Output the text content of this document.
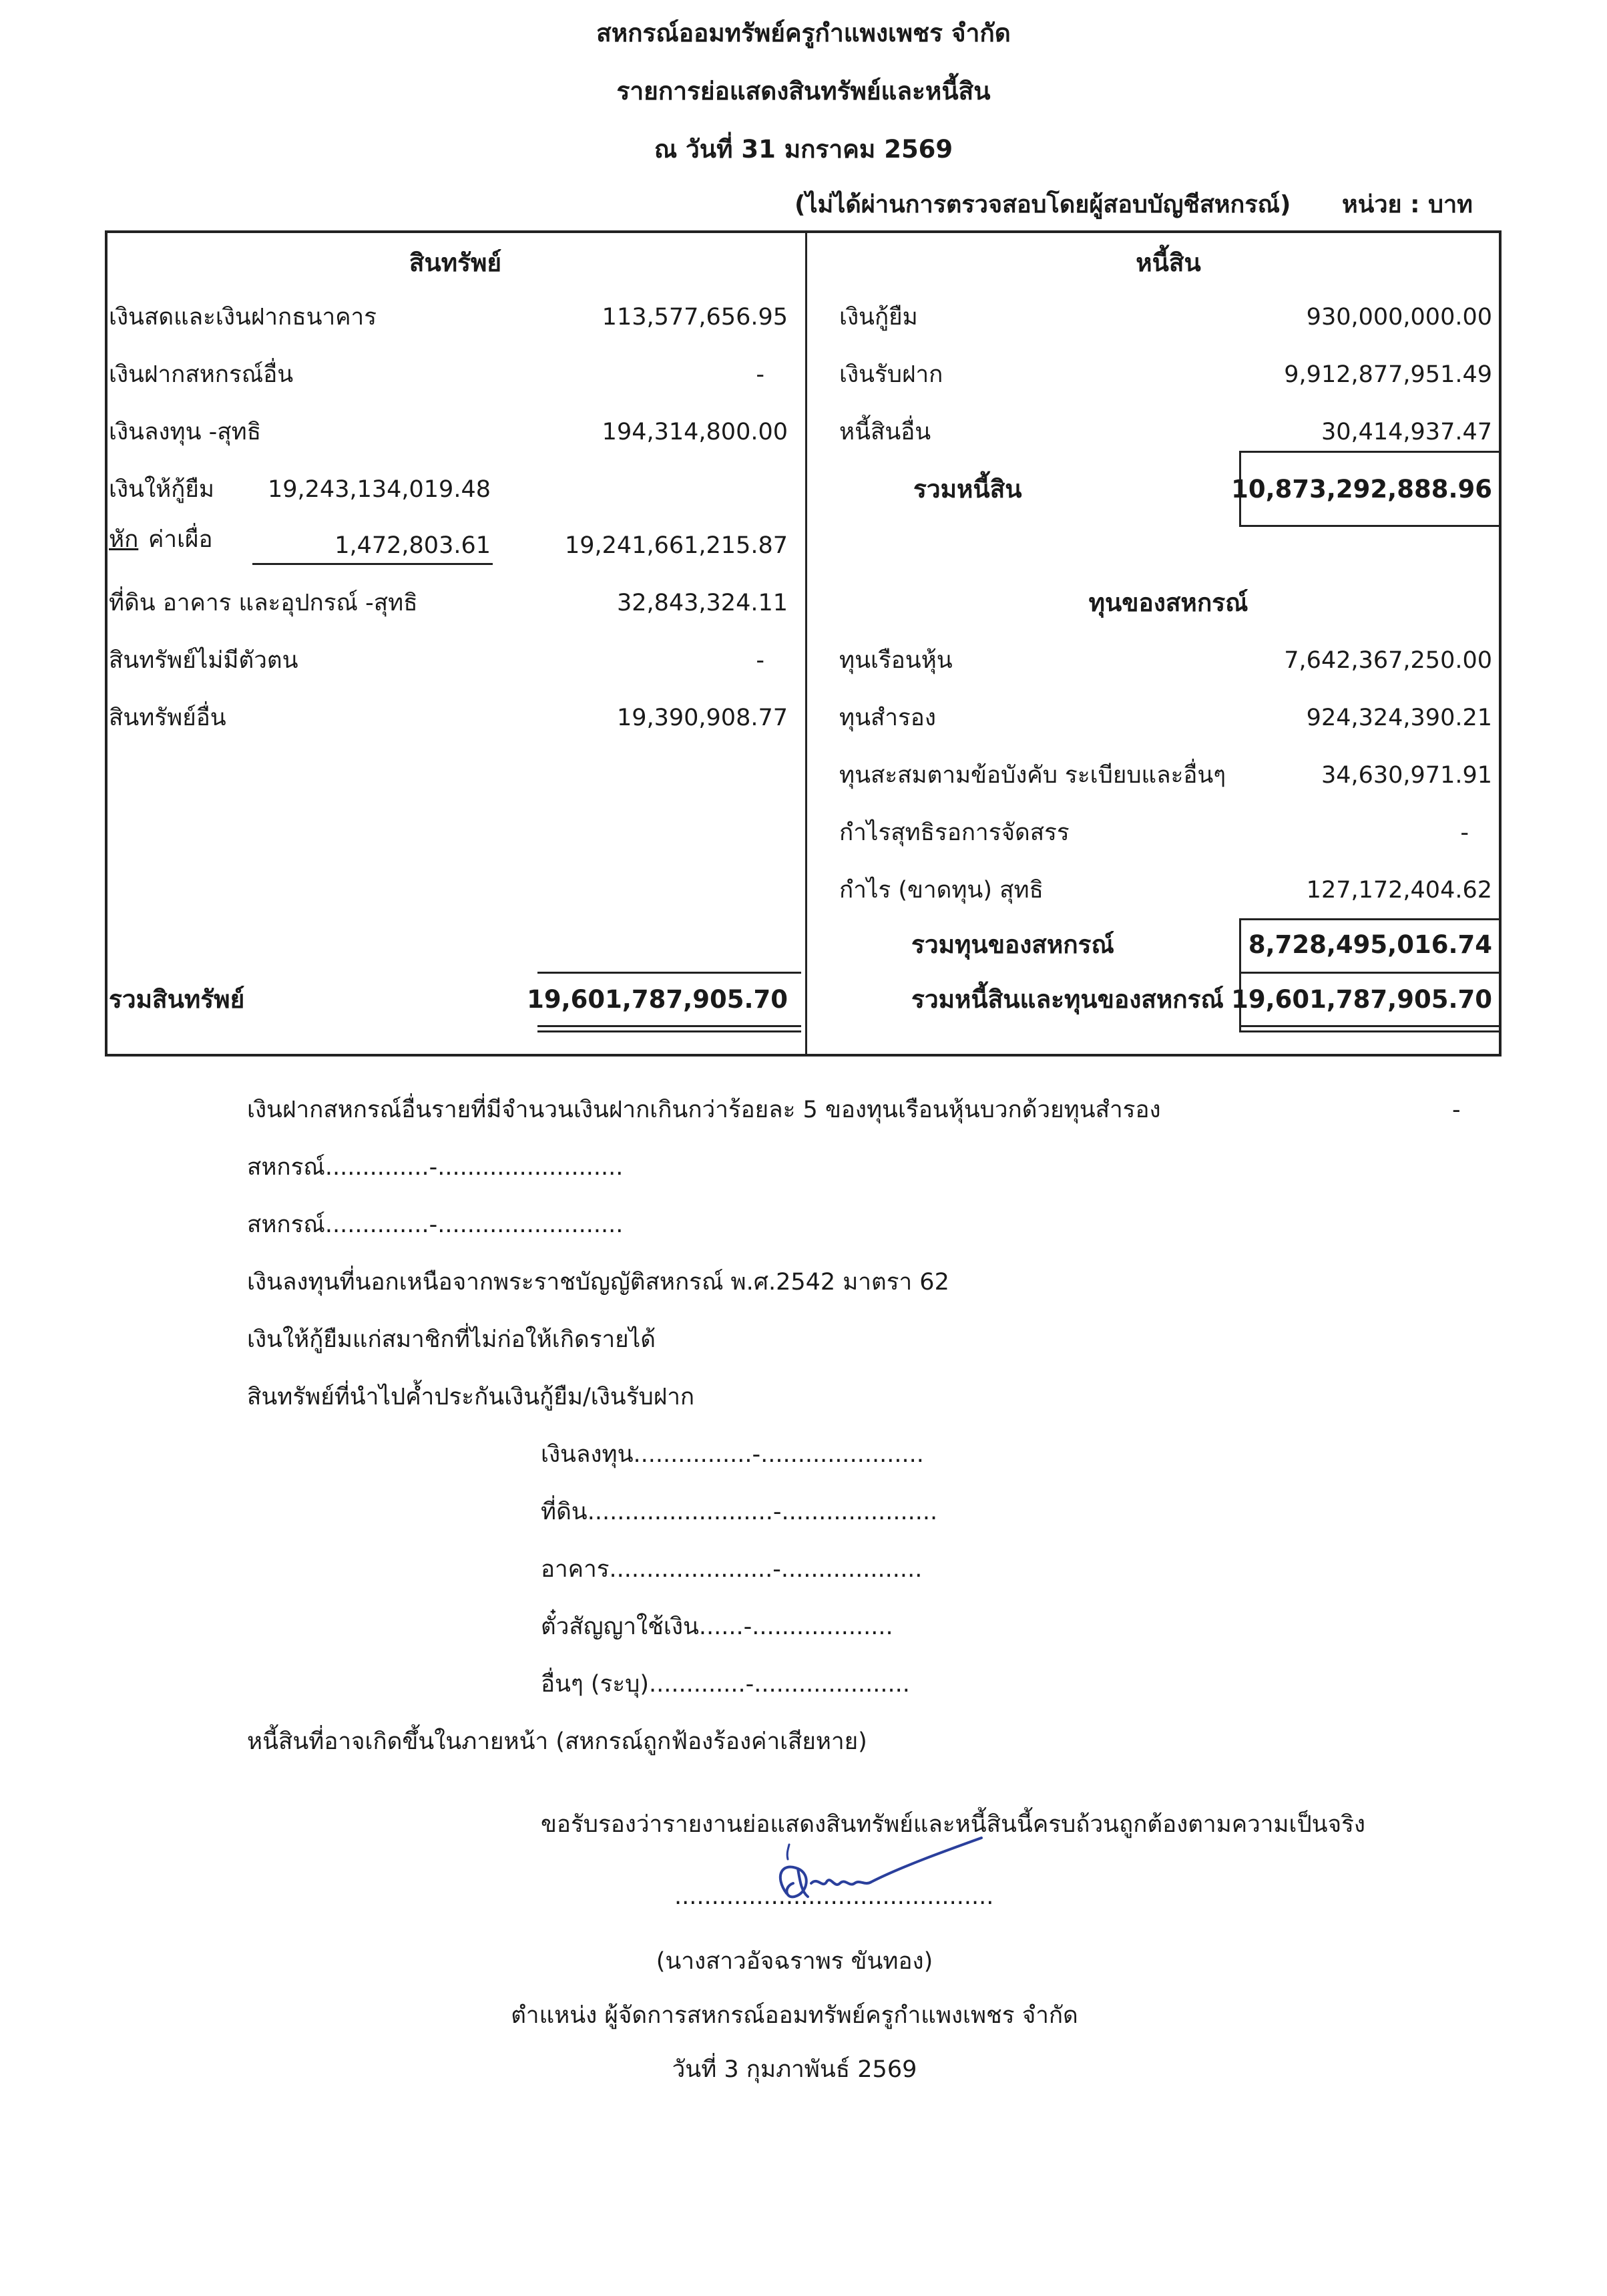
สหกรณ์ออมทรัพย์ครูกำแพงเพชร จำกัด
รายการย่อแสดงสินทรัพย์และหนี้สิน
ณ วันที่ 31 มกราคม 2569
(ไม่ได้ผ่านการตรวจสอบโดยผู้สอบบัญชีสหกรณ์) หน่วย : บาท
สินทรัพย์
เงินสดและเงินฝากธนาคาร	113,577,656.95
เงินฝากสหกรณ์อื่น	-
เงินลงทุน -สุทธิ	194,314,800.00
เงินให้กู้ยืม	19,243,134,019.48
หัก ค่าเผื่อ	1,472,803.61	19,241,661,215.87
ที่ดิน อาคาร และอุปกรณ์ -สุทธิ	32,843,324.11
สินทรัพย์ไม่มีตัวตน	-
สินทรัพย์อื่น	19,390,908.77
รวมสินทรัพย์	19,601,787,905.70
หนี้สิน
เงินกู้ยืม	930,000,000.00
เงินรับฝาก	9,912,877,951.49
หนี้สินอื่น	30,414,937.47
รวมหนี้สิน	10,873,292,888.96
ทุนของสหกรณ์
ทุนเรือนหุ้น	7,642,367,250.00
ทุนสำรอง	924,324,390.21
ทุนสะสมตามข้อบังคับ ระเบียบและอื่นๆ	34,630,971.91
กำไรสุทธิรอการจัดสรร	-
กำไร (ขาดทุน) สุทธิ	127,172,404.62
รวมทุนของสหกรณ์	8,728,495,016.74
รวมหนี้สินและทุนของสหกรณ์ 19,601,787,905.70
เงินฝากสหกรณ์อื่นรายที่มีจำนวนเงินฝากเกินกว่าร้อยละ 5 ของทุนเรือนหุ้นบวกด้วยทุนสำรอง	-
สหกรณ์..............-.........................
สหกรณ์..............-.........................
เงินลงทุนที่นอกเหนือจากพระราชบัญญัติสหกรณ์ พ.ศ.2542 มาตรา 62
เงินให้กู้ยืมแก่สมาชิกที่ไม่ก่อให้เกิดรายได้
สินทรัพย์ที่นำไปค้ำประกันเงินกู้ยืม/เงินรับฝาก
เงินลงทุน................-......................
ที่ดิน.........................-.....................
อาคาร......................-...................
ตั๋วสัญญาใช้เงิน......-...................
อื่นๆ (ระบุ).............-.....................
หนี้สินที่อาจเกิดขึ้นในภายหน้า (สหกรณ์ถูกฟ้องร้องค่าเสียหาย)
ขอรับรองว่ารายงานย่อแสดงสินทรัพย์และหนี้สินนี้ครบถ้วนถูกต้องตามความเป็นจริง
...........................................
(นางสาวอัจฉราพร ขันทอง)
ตำแหน่ง ผู้จัดการสหกรณ์ออมทรัพย์ครูกำแพงเพชร จำกัด
วันที่ 3 กุมภาพันธ์ 2569
